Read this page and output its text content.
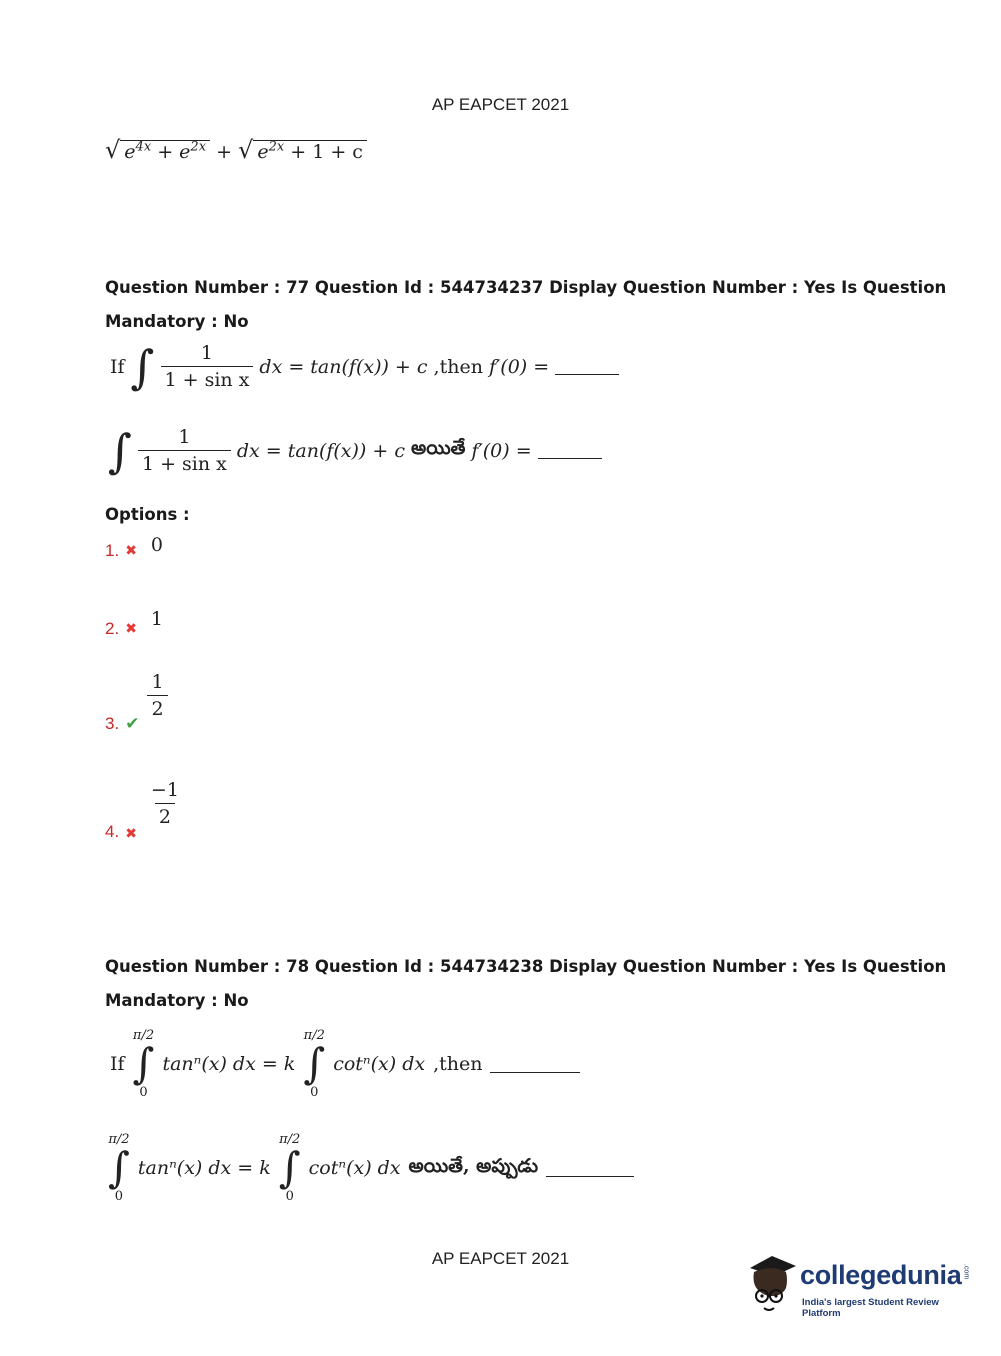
AP EAPCET 2021
√ $e^{4x} + e^{2x}$ + √ $e^{2x} + 1 + c$
Question Number : 77 Question Id : 544734237 Display Question Number : Yes Is Question
Mandatory : No
If ∫ $\frac{1}{\text{1 + sin x}}$ dx = tan(f(x)) + c ,then f′(0) =
∫ $\frac{1}{\text{1 + sin x}}$ dx = tan(f(x)) + c అయితే f′(0) =
Options :
1. ✖ 0
2. ✖ 1
3. ✔
$\frac{1}{2}$
4. ✖
$\frac{-1}{2}$
Question Number : 78 Question Id : 544734238 Display Question Number : Yes Is Question
Mandatory : No
If
π/2
∫
0
tanⁿ(x) dx = k
π/2
∫
0
cotⁿ(x) dx ,then
π/2
∫
0
tanⁿ(x) dx = k
π/2
∫
0
cotⁿ(x) dx అయితే, అప్పుడు
AP EAPCET 2021
collegedunia .com
India's largest Student Review Platform
